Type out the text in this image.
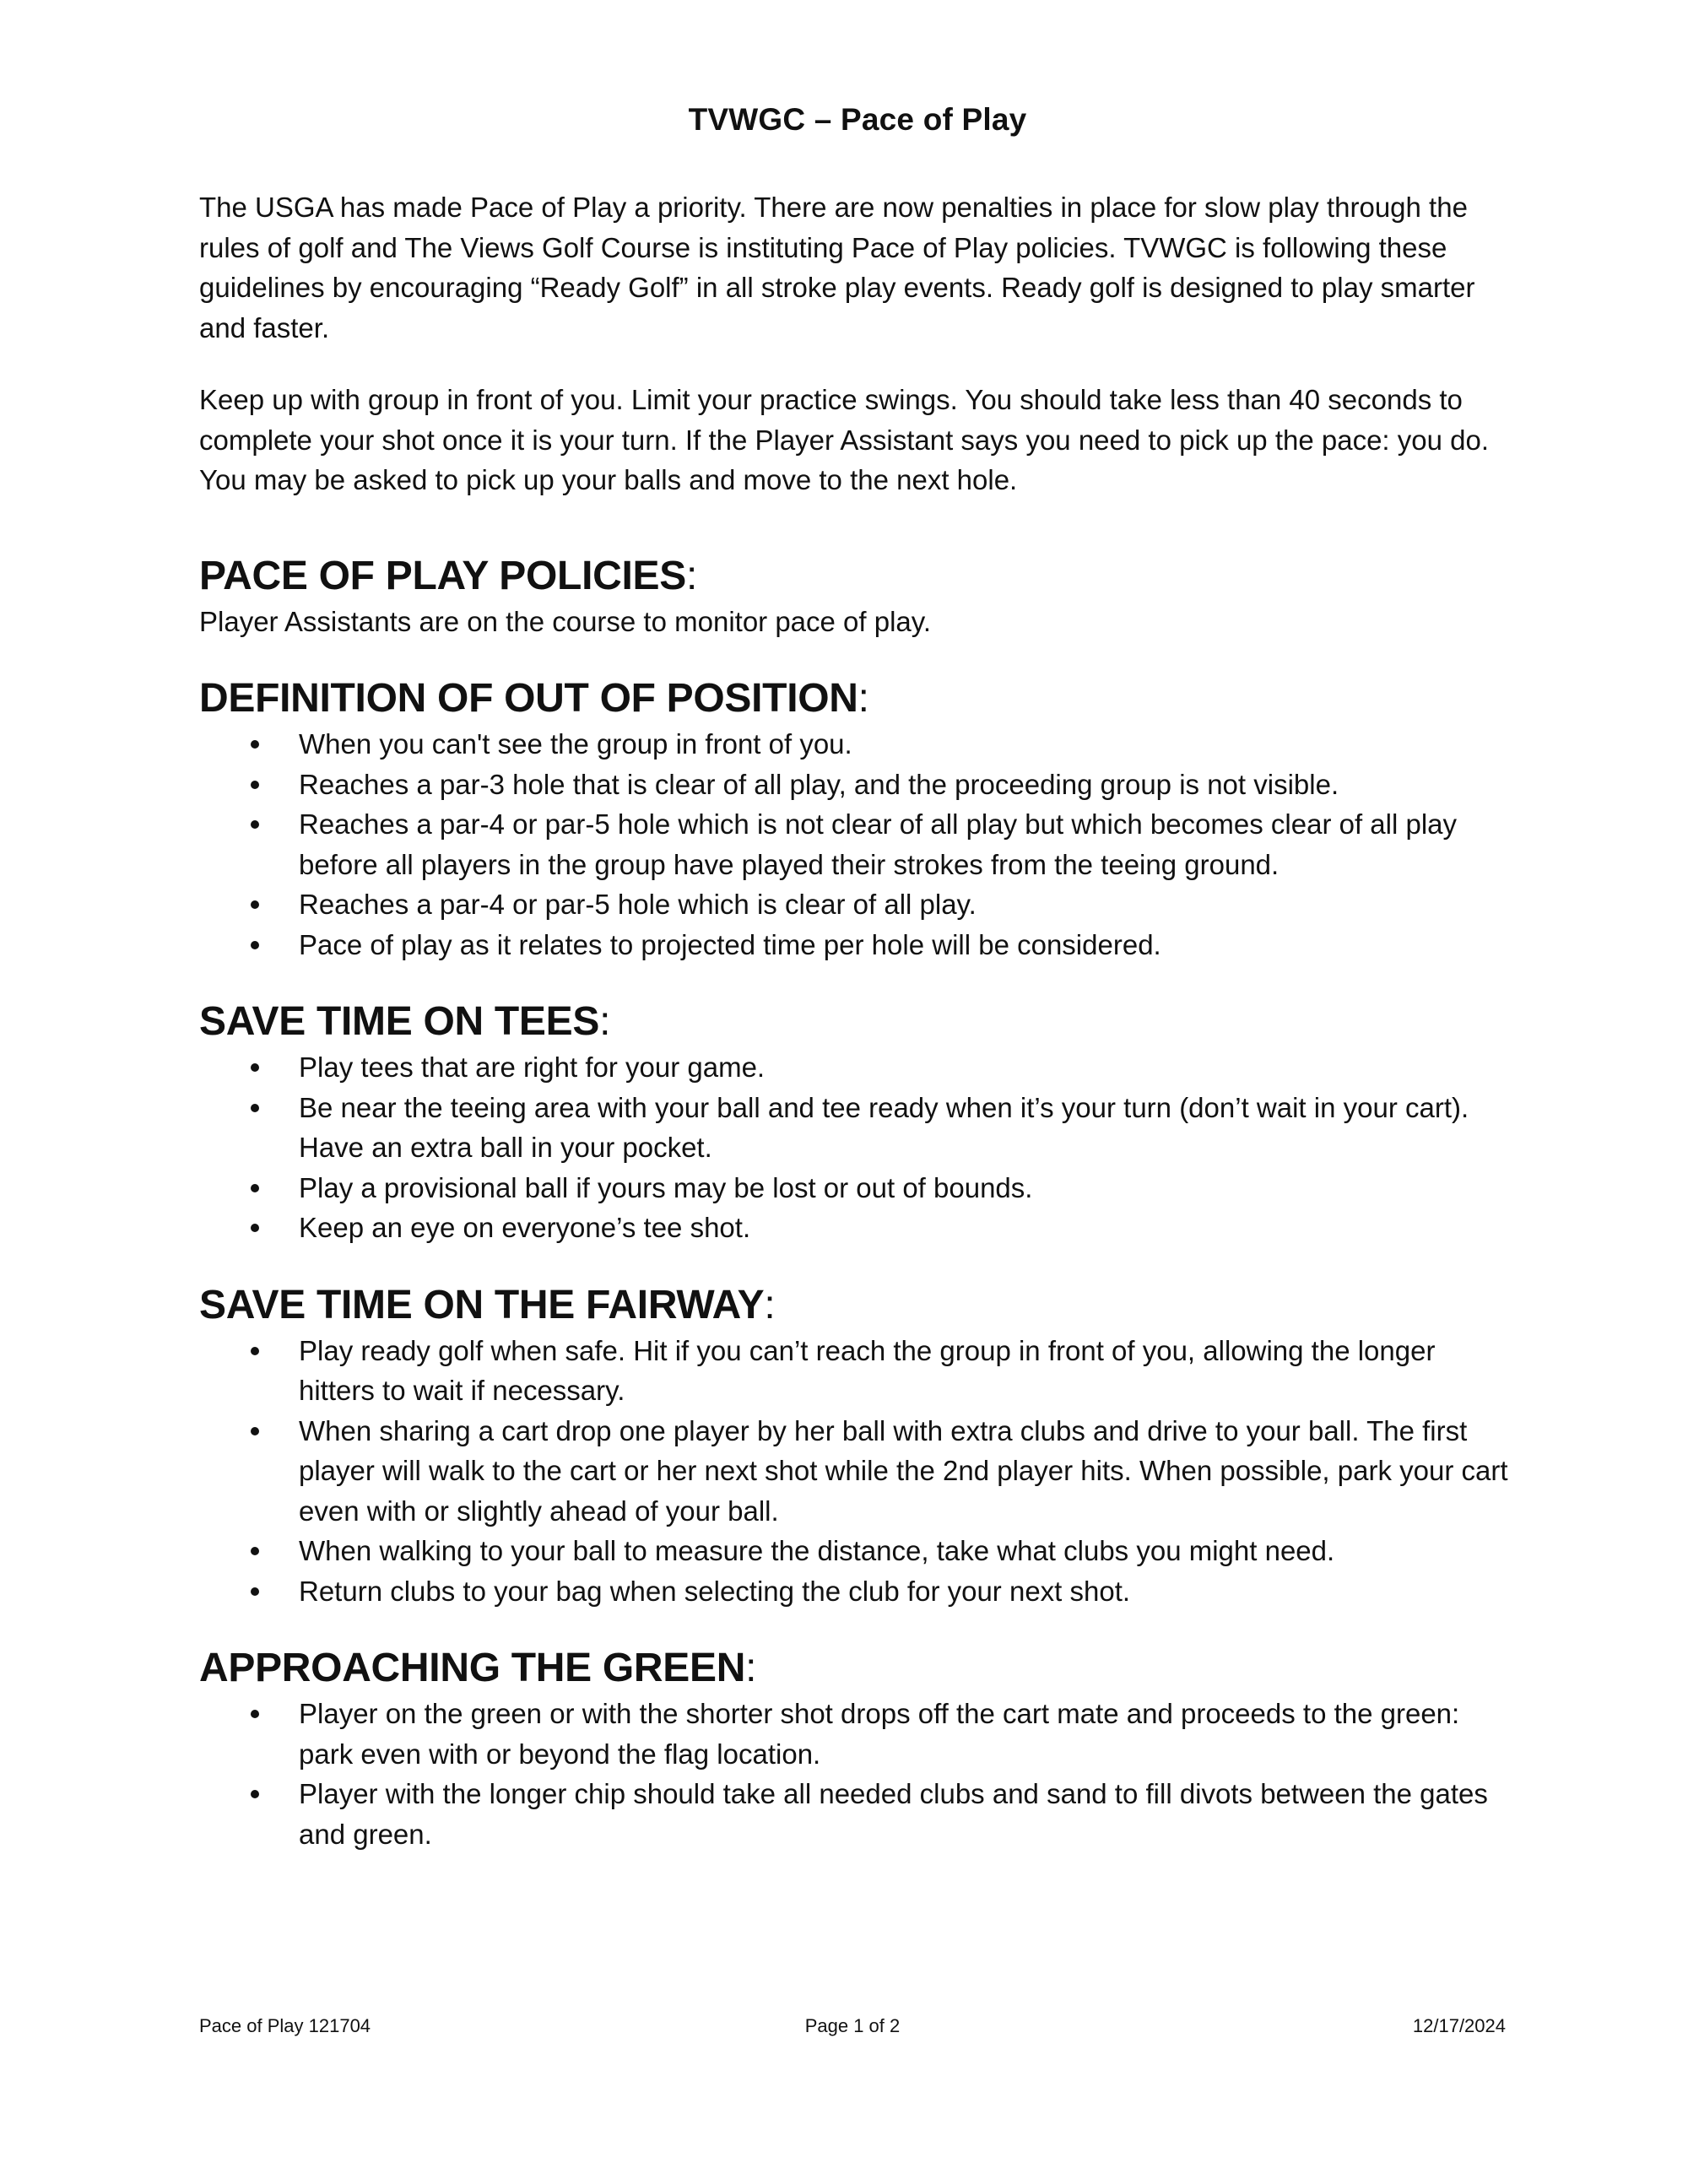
TVWGC – Pace of Play

The USGA has made Pace of Play a priority. There are now penalties in place for slow play through the rules of golf and The Views Golf Course is instituting Pace of Play policies. TVWGC is following these guidelines by encouraging “Ready Golf” in all stroke play events. Ready golf is designed to play smarter and faster.

Keep up with group in front of you. Limit your practice swings. You should take less than 40 seconds to complete your shot once it is your turn. If the Player Assistant says you need to pick up the pace: you do. You may be asked to pick up your balls and move to the next hole.

PACE OF PLAY POLICIES:

Player Assistants are on the course to monitor pace of play.

DEFINITION OF OUT OF POSITION:
When you can't see the group in front of you.
Reaches a par-3 hole that is clear of all play, and the proceeding group is not visible.
Reaches a par-4 or par-5 hole which is not clear of all play but which becomes clear of all play before all players in the group have played their strokes from the teeing ground.
Reaches a par-4 or par-5 hole which is clear of all play.
Pace of play as it relates to projected time per hole will be considered.
SAVE TIME ON TEES:
Play tees that are right for your game.
Be near the teeing area with your ball and tee ready when it’s your turn (don’t wait in your cart). Have an extra ball in your pocket.
Play a provisional ball if yours may be lost or out of bounds.
Keep an eye on everyone’s tee shot.
SAVE TIME ON THE FAIRWAY:
Play ready golf when safe. Hit if you can’t reach the group in front of you, allowing the longer hitters to wait if necessary.
When sharing a cart drop one player by her ball with extra clubs and drive to your ball. The first player will walk to the cart or her next shot while the 2nd player hits. When possible, park your cart even with or slightly ahead of your ball.
When walking to your ball to measure the distance, take what clubs you might need.
Return clubs to your bag when selecting the club for your next shot.
APPROACHING THE GREEN:
Player on the green or with the shorter shot drops off the cart mate and proceeds to the green: park even with or beyond the flag location.
Player with the longer chip should take all needed clubs and sand to fill divots between the gates and green.
Pace of Play 121704	Page 1 of 2	12/17/2024
